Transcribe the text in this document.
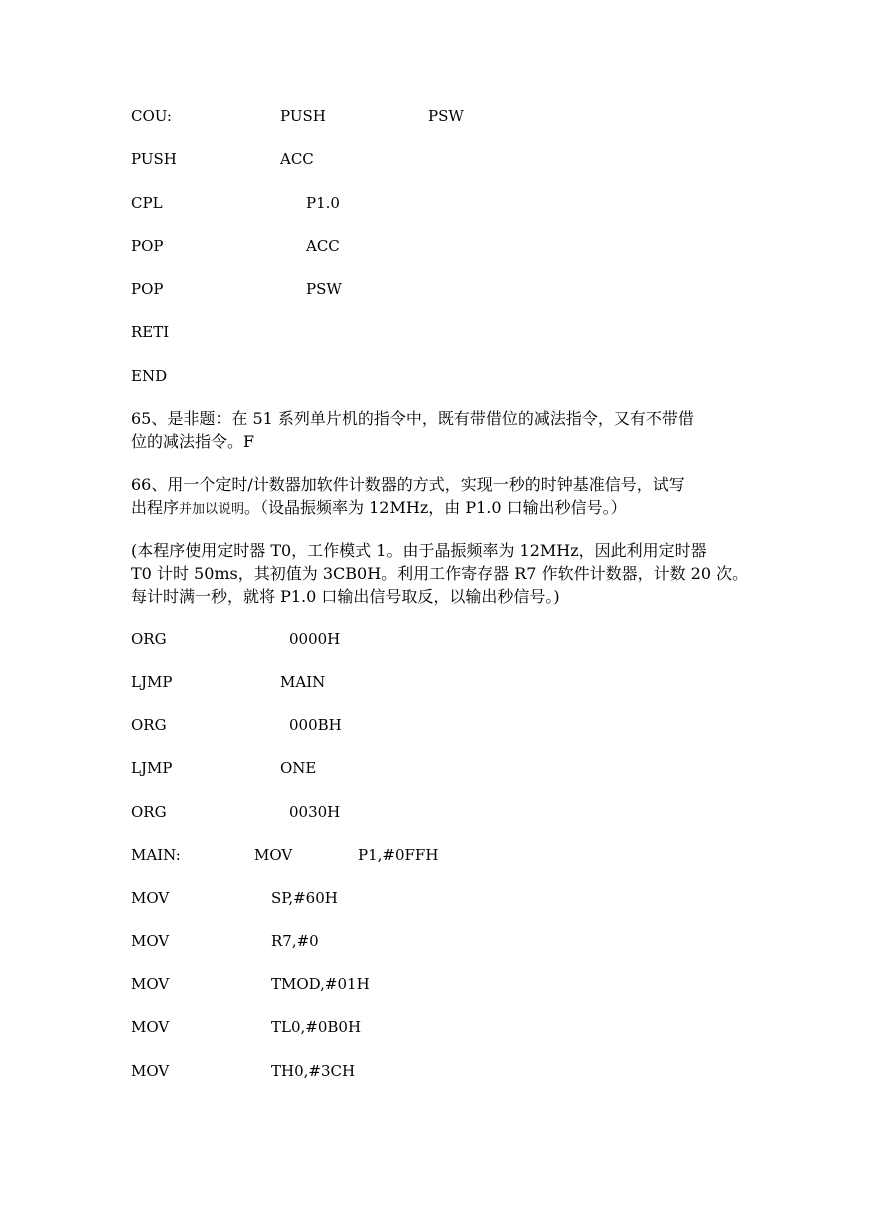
COU:	PUSH	PSW
PUSH	ACC
CPL	P1.0
POP	ACC
POP	PSW
RETI
END

65、是非题：在 51 系列单片机的指令中，既有带借位的减法指令，又有不带借

位的减法指令。F

66、用一个定时/计数器加软件计数器的方式，实现一秒的时钟基准信号，试写

出程序并加以说明。（设晶振频率为 12MHz，由 P1.0 口输出秒信号。）

(本程序使用定时器 T0，工作模式 1。由于晶振频率为 12MHz，因此利用定时器

T0 计时 50ms，其初值为 3CB0H。利用工作寄存器 R7 作软件计数器，计数 20 次。

每计时满一秒，就将 P1.0 口输出信号取反，以输出秒信号。)

ORG	0000H
LJMP	MAIN
ORG	000BH
LJMP	ONE
ORG	0030H
MAIN:	MOV	P1,#0FFH
MOV	SP,#60H
MOV	R7,#0
MOV	TMOD,#01H
MOV	TL0,#0B0H
MOV	TH0,#3CH
